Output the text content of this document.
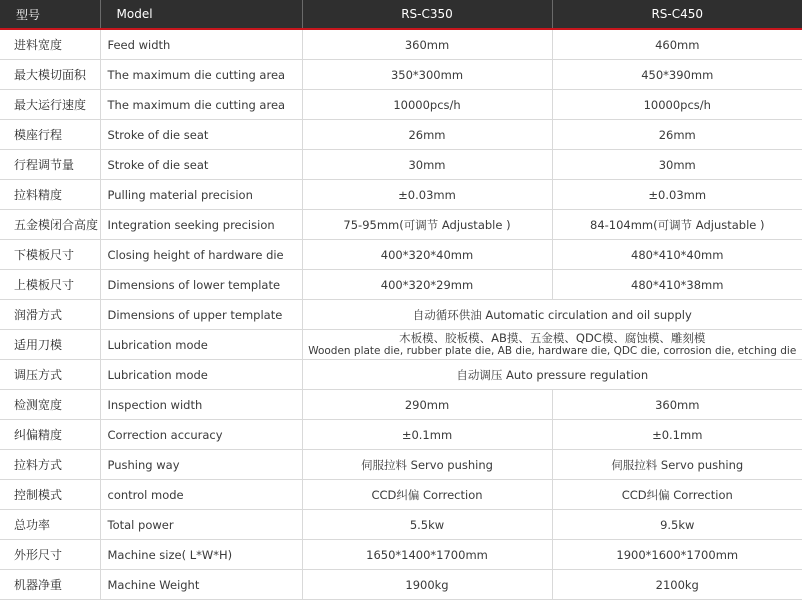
型号	Model	RS-C350	RS-C450
进料宽度	Feed width	360mm	460mm
最大模切面积	The maximum die cutting area	350*300mm	450*390mm
最大运行速度	The maximum die cutting area	10000pcs/h	10000pcs/h
模座行程	Stroke of die seat	26mm	26mm
行程调节量	Stroke of die seat	30mm	30mm
拉料精度	Pulling material precision	±0.03mm	±0.03mm
五金模闭合高度	Integration seeking precision	75-95mm(可调节 Adjustable )	84-104mm(可调节 Adjustable )
下模板尺寸	Closing height of hardware die	400*320*40mm	480*410*40mm
上模板尺寸	Dimensions of lower template	400*320*29mm	480*410*38mm
润滑方式	Dimensions of upper template	自动循环供油 Automatic circulation and oil supply	
适用刀模	Lubrication mode	木板模、胶板模、AB摸、五金模、QDC模、腐蚀模、雕刻模
Wooden plate die, rubber plate die, AB die, hardware die, QDC die, corrosion die, etching die	

调压方式	Lubrication mode	自动调压 Auto pressure regulation	
检测宽度	Inspection width	290mm	360mm
纠偏精度	Correction accuracy	±0.1mm	±0.1mm
拉料方式	Pushing way	伺服拉料 Servo pushing	伺服拉料 Servo pushing
控制模式	control mode	CCD纠偏 Correction	CCD纠偏 Correction
总功率	Total power	5.5kw	9.5kw
外形尺寸	Machine size( L*W*H)	1650*1400*1700mm	1900*1600*1700mm
机器净重	Machine Weight	1900kg	2100kg
